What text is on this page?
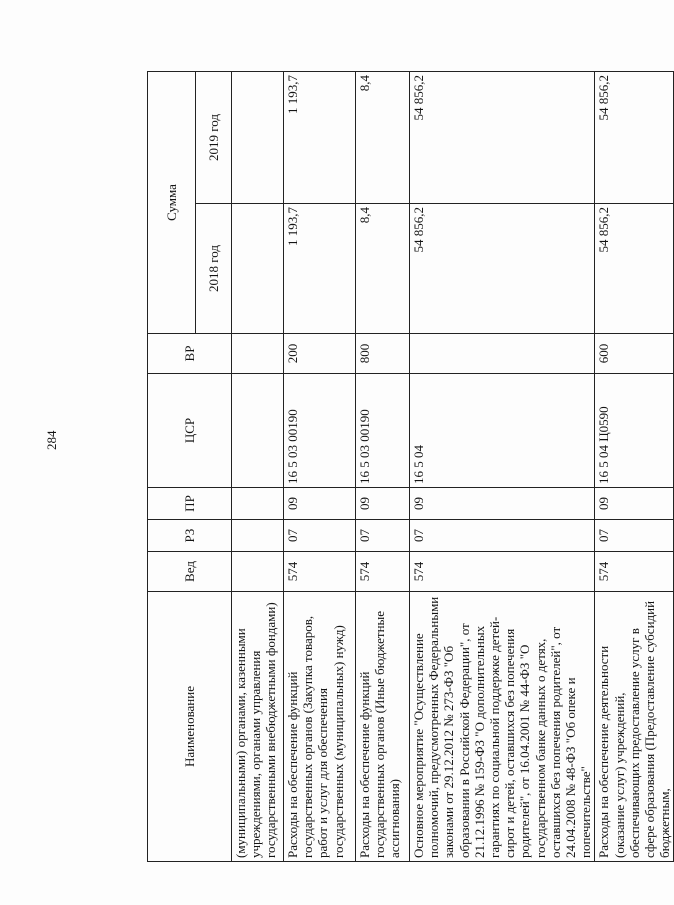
284
Наименование	Вед	РЗ	ПР	ЦСР	ВР	Сумма	
						2018 год	2019 год
(муниципальными) органами, казенными учреждениями, органами управления государственными внебюджетными фондами)							
Расходы на обеспечение функций государственных органов (Закупка товаров, работ и услуг для обеспечения государственных (муниципальных) нужд)	574	07	09	16 5 03 00190	200	1 193,7	1 193,7
Расходы на обеспечение функций государственных органов (Иные бюджетные ассигнования)	574	07	09	16 5 03 00190	800	8,4	8,4
Основное мероприятие "Осуществление полномочий, предусмотренных Федеральными законами от 29.12.2012 № 273-ФЗ "Об образовании в Российской Федерации", от 21.12.1996 № 159-ФЗ "О дополнительных гарантиях по социальной поддержке детей-сирот и детей, оставшихся без попечения родителей", от 16.04.2001 № 44-ФЗ "О государственном банке данных о детях, оставшихся без попечения родителей", от 24.04.2008 № 48-ФЗ "Об опеке и попечительстве"	574	07	09	16 5 04		54 856,2	54 856,2
Расходы на обеспечение деятельности (оказание услуг) учреждений, обеспечивающих предоставление услуг в сфере образования (Предоставление субсидий бюджетным,	574	07	09	16 5 04 Ц0590	600	54 856,2	54 856,2
